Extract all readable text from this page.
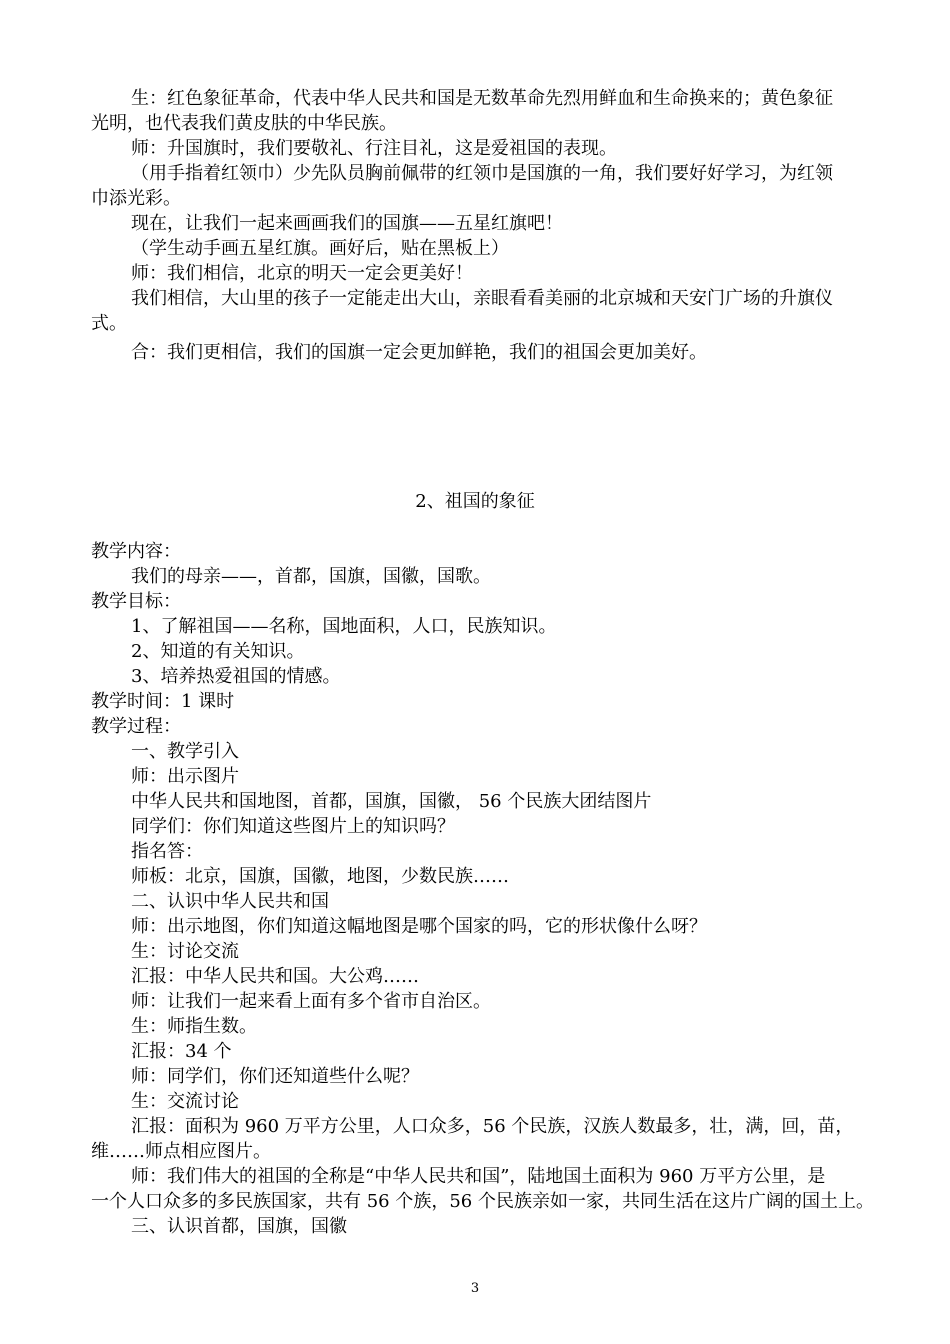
生：红色象征革命，代表中华人民共和国是无数革命先烈用鲜血和生命换来的；黄色象征
光明，也代表我们黄皮肤的中华民族。
师：升国旗时，我们要敬礼、行注目礼，这是爱祖国的表现。
（用手指着红领巾）少先队员胸前佩带的红领巾是国旗的一角，我们要好好学习，为红领
巾添光彩。
现在，让我们一起来画画我们的国旗——五星红旗吧！
（学生动手画五星红旗。画好后，贴在黑板上）
师：我们相信，北京的明天一定会更美好！
我们相信，大山里的孩子一定能走出大山，亲眼看看美丽的北京城和天安门广场的升旗仪
式。
合：我们更相信，我们的国旗一定会更加鲜艳，我们的祖国会更加美好。
2、祖国的象征
教学内容：
我们的母亲——，首都，国旗，国徽，国歌。
教学目标：
1、了解祖国——名称，国地面积，人口，民族知识。
2、知道的有关知识。
3、培养热爱祖国的情感。
教学时间：1 课时
教学过程：
一、教学引入
师：出示图片
中华人民共和国地图，首都，国旗，国徽， 56 个民族大团结图片
同学们：你们知道这些图片上的知识吗？
指名答：
师板：北京，国旗，国徽，地图，少数民族……
二、认识中华人民共和国
师：出示地图，你们知道这幅地图是哪个国家的吗，它的形状像什么呀？
生：讨论交流
汇报：中华人民共和国。大公鸡……
师：让我们一起来看上面有多个省市自治区。
生：师指生数。
汇报：34 个
师：同学们，你们还知道些什么呢？
生：交流讨论
汇报：面积为 960 万平方公里，人口众多，56 个民族，汉族人数最多，壮，满，回，苗，
维……师点相应图片。
师：我们伟大的祖国的全称是“中华人民共和国”，陆地国土面积为 960 万平方公里，是
一个人口众多的多民族国家，共有 56 个族，56 个民族亲如一家，共同生活在这片广阔的国土上。
三、认识首都，国旗，国徽
3
